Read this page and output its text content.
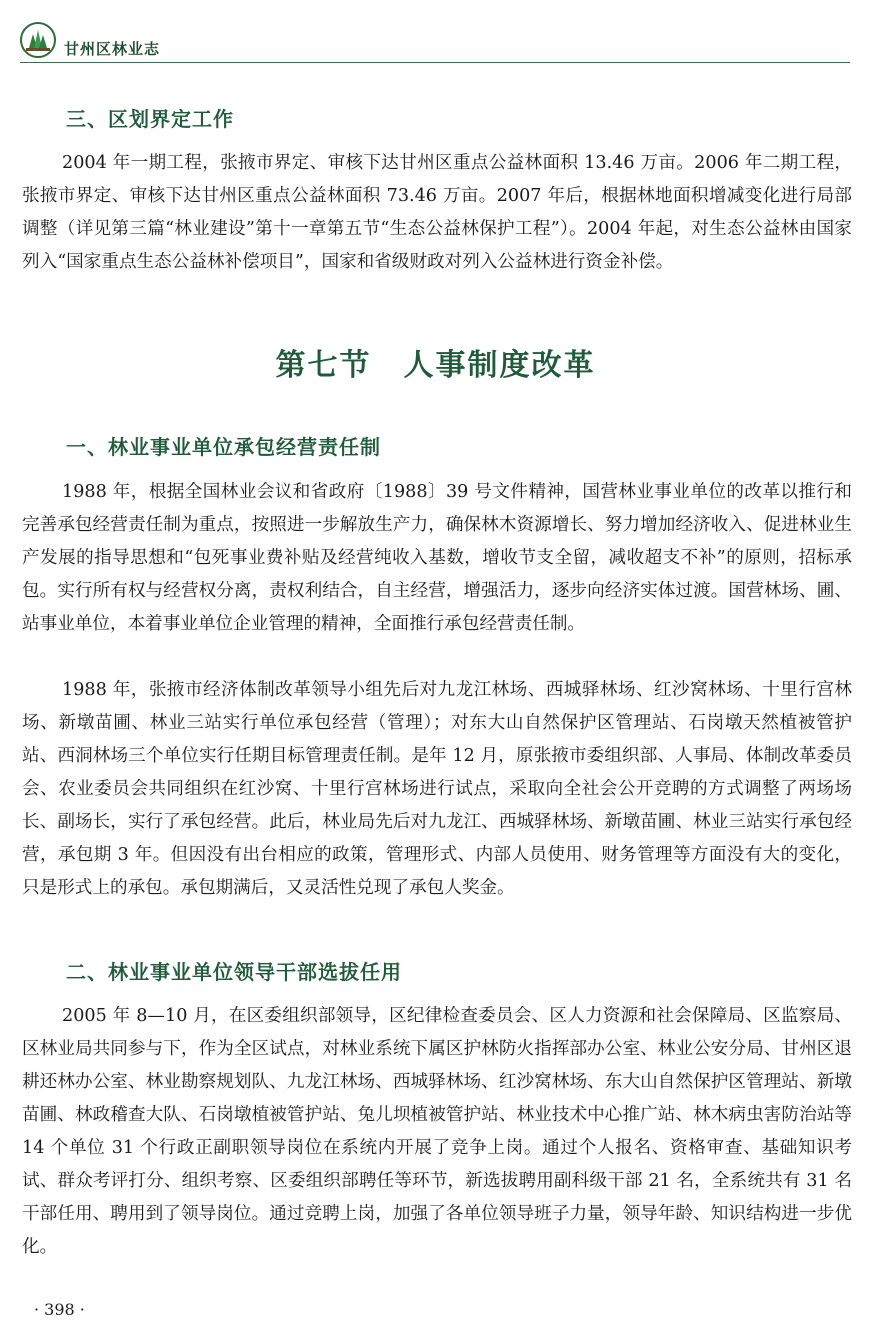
甘州区林业志
三、区划界定工作

2004 年一期工程，张掖市界定、审核下达甘州区重点公益林面积 13.46 万亩。2006 年二期工程，张掖市界定、审核下达甘州区重点公益林面积 73.46 万亩。2007 年后，根据林地面积增减变化进行局部调整（详见第三篇“林业建设”第十一章第五节“生态公益林保护工程”）。2004 年起，对生态公益林由国家列入“国家重点生态公益林补偿项目”，国家和省级财政对列入公益林进行资金补偿。

第七节　人事制度改革
一、林业事业单位承包经营责任制

1988 年，根据全国林业会议和省政府〔1988〕39 号文件精神，国营林业事业单位的改革以推行和完善承包经营责任制为重点，按照进一步解放生产力，确保林木资源增长、努力增加经济收入、促进林业生产发展的指导思想和“包死事业费补贴及经营纯收入基数，增收节支全留，减收超支不补”的原则，招标承包。实行所有权与经营权分离，责权利结合，自主经营，增强活力，逐步向经济实体过渡。国营林场、圃、站事业单位，本着事业单位企业管理的精神，全面推行承包经营责任制。

1988 年，张掖市经济体制改革领导小组先后对九龙江林场、西城驿林场、红沙窝林场、十里行宫林场、新墩苗圃、林业三站实行单位承包经营（管理）；对东大山自然保护区管理站、石岗墩天然植被管护站、西洞林场三个单位实行任期目标管理责任制。是年 12 月，原张掖市委组织部、人事局、体制改革委员会、农业委员会共同组织在红沙窝、十里行宫林场进行试点，采取向全社会公开竞聘的方式调整了两场场长、副场长，实行了承包经营。此后，林业局先后对九龙江、西城驿林场、新墩苗圃、林业三站实行承包经营，承包期 3 年。但因没有出台相应的政策，管理形式、内部人员使用、财务管理等方面没有大的变化，只是形式上的承包。承包期满后，又灵活性兑现了承包人奖金。

二、林业事业单位领导干部选拔任用

2005 年 8—10 月，在区委组织部领导，区纪律检查委员会、区人力资源和社会保障局、区监察局、区林业局共同参与下，作为全区试点，对林业系统下属区护林防火指挥部办公室、林业公安分局、甘州区退耕还林办公室、林业勘察规划队、九龙江林场、西城驿林场、红沙窝林场、东大山自然保护区管理站、新墩苗圃、林政稽查大队、石岗墩植被管护站、兔儿坝植被管护站、林业技术中心推广站、林木病虫害防治站等 14 个单位 31 个行政正副职领导岗位在系统内开展了竞争上岗。通过个人报名、资格审查、基础知识考试、群众考评打分、组织考察、区委组织部聘任等环节，新选拔聘用副科级干部 21 名，全系统共有 31 名干部任用、聘用到了领导岗位。通过竞聘上岗，加强了各单位领导班子力量，领导年龄、知识结构进一步优化。

· 398 ·
